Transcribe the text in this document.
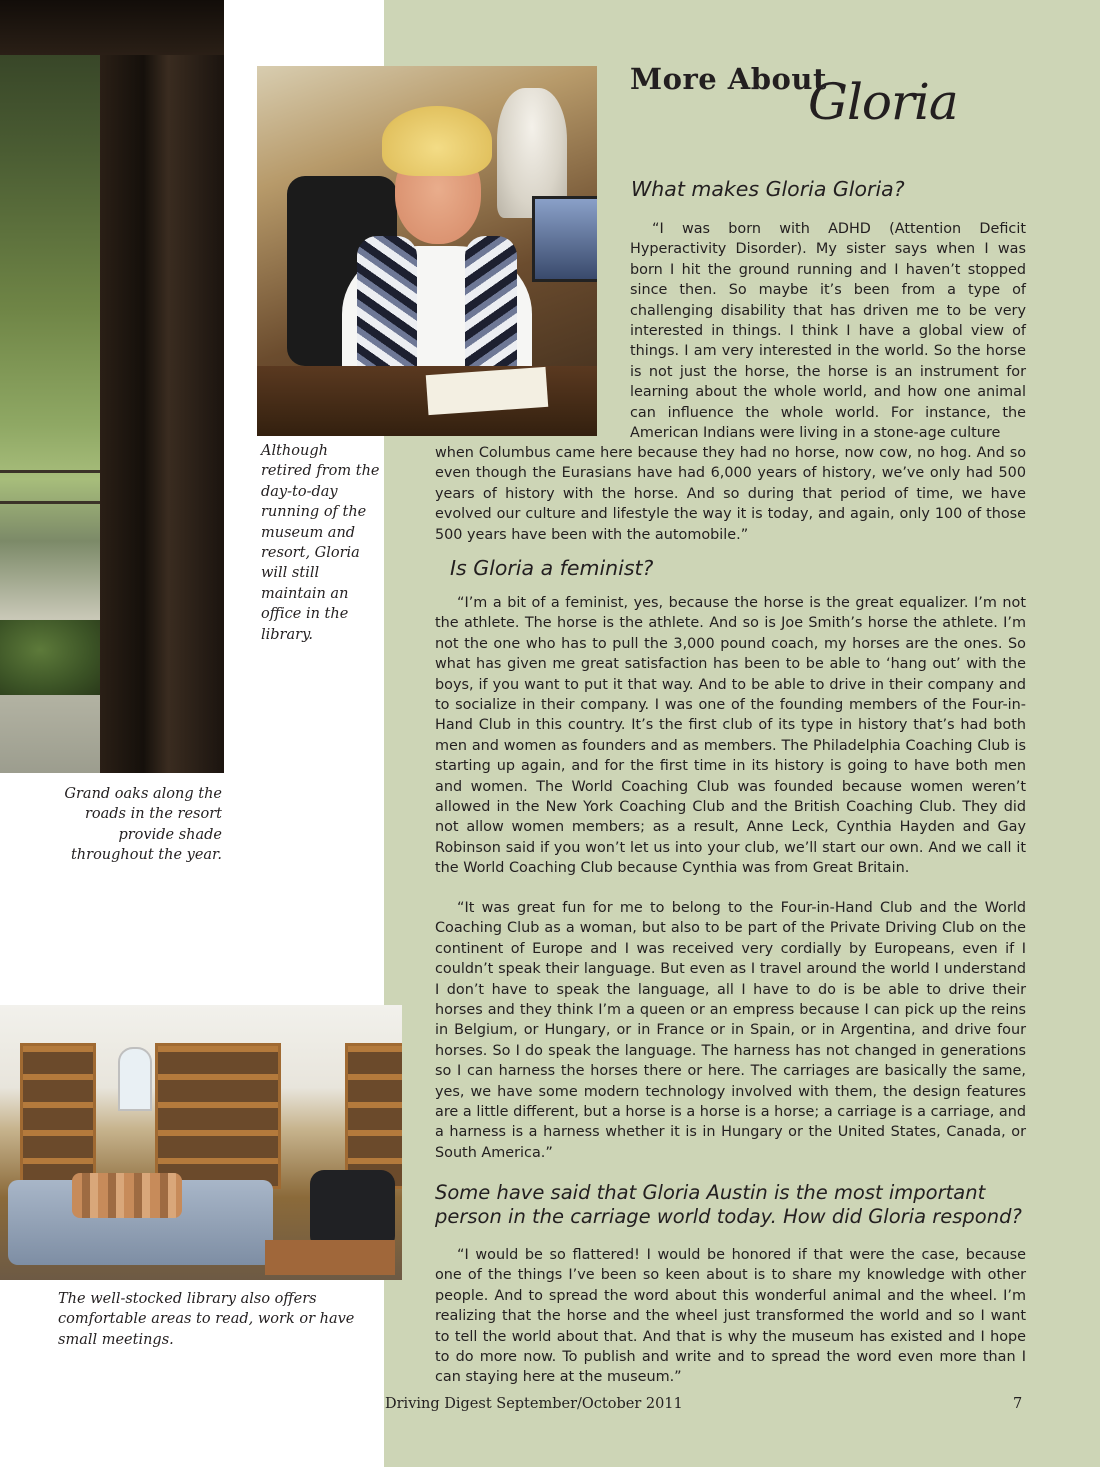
Although retired from the day-to-day running of the museum and resort, Gloria will still maintain an office in the library.

Grand oaks along the roads in the resort provide shade throughout the year.

The well-stocked library also offers comfortable areas to read, work or have small meetings.

More About
Gloria
What makes Gloria Gloria?

“I was born with ADHD (Attention Deficit Hyperactivity Disorder). My sister says when I was born I hit the ground running and I haven’t stopped since then. So maybe it’s been from a type of challenging disability that has driven me to be very interested in things. I think I have a global view of things. I am very interested in the world. So the horse is not just the horse, the horse is an instrument for learning about the whole world, and how one animal can influence the whole world. For instance, the American Indians were living in a stone-age culture

when Columbus came here because they had no horse, now cow, no hog. And so even though the Eurasians have had 6,000 years of history, we’ve only had 500 years of history with the horse. And so during that period of time, we have evolved our culture and lifestyle the way it is today, and again, only 100 of those 500 years have been with the automobile.”

Is Gloria a feminist?

“I’m a bit of a feminist, yes, because the horse is the great equalizer. I’m not the athlete. The horse is the athlete. And so is Joe Smith’s horse the athlete. I’m not the one who has to pull the 3,000 pound coach, my horses are the ones. So what has given me great satisfaction has been to be able to ‘hang out’ with the boys, if you want to put it that way. And to be able to drive in their company and to socialize in their company. I was one of the founding members of the Four-in-Hand Club in this country. It’s the first club of its type in history that’s had both men and women as founders and as members. The Philadelphia Coaching Club is starting up again, and for the first time in its history is going to have both men and women. The World Coaching Club was founded because women weren’t allowed in the New York Coaching Club and the British Coaching Club. They did not allow women members; as a result, Anne Leck, Cynthia Hayden and Gay Robinson said if you won’t let us into your club, we’ll start our own. And we call it the World Coaching Club because Cynthia was from Great Britain.

“It was great fun for me to belong to the Four-in-Hand Club and the World Coaching Club as a woman, but also to be part of the Private Driving Club on the continent of Europe and I was received very cordially by Europeans, even if I couldn’t speak their language. But even as I travel around the world I understand I don’t have to speak the language, all I have to do is be able to drive their horses and they think I’m a queen or an empress because I can pick up the reins in Belgium, or Hungary, or in France or in Spain, or in Argentina, and drive four horses. So I do speak the language. The harness has not changed in generations so I can harness the horses there or here. The carriages are basically the same, yes, we have some modern technology involved with them, the design features are a little different, but a horse is a horse is a horse; a carriage is a carriage, and a harness is a harness whether it is in Hungary or the United States, Canada, or South America.”

Some have said that Gloria Austin is the most important person in the carriage world today. How did Gloria respond?

“I would be so flattered! I would be honored if that were the case, because one of the things I’ve been so keen about is to share my knowledge with other people. And to spread the word about this wonderful animal and the wheel. I’m realizing that the horse and the wheel just transformed the world and so I want to tell the world about that. And that is why the museum has existed and I hope to do more now. To publish and write and to spread the word even more than I can staying here at the museum.”

Driving Digest September/October 2011	7
